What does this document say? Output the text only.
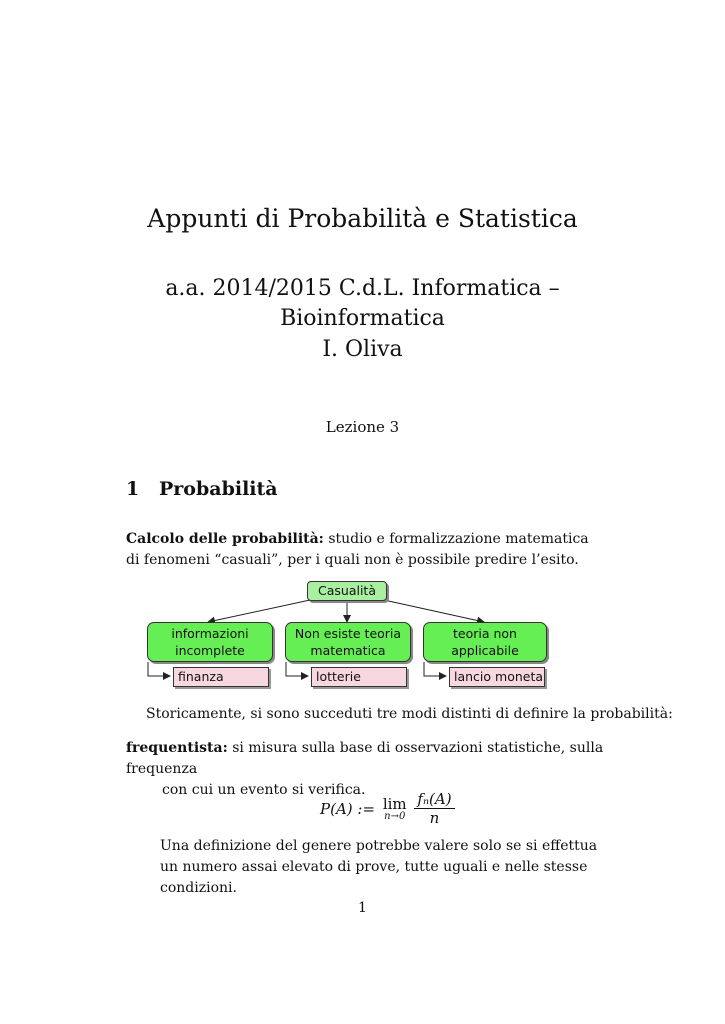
Appunti di Probabilità e Statistica
a.a. 2014/2015 C.d.L. Informatica –
Bioinformatica
I. Oliva
Lezione 3
1 Probabilità
Calcolo delle probabilità: studio e formalizzazione matematica di fenomeni “casuali”, per i quali non è possibile predire l’esito.
Casualità
informazioni
incomplete
Non esiste teoria
matematica
teoria non
applicabile
finanza	lotterie	lancio moneta
Storicamente, si sono succeduti tre modi distinti di definire la probabilità:
frequentista: si misura sulla base di osservazioni statistiche, sulla frequenza
con cui un evento si verifica.
P(A) := lim
n→0
$\frac{\text{fₙ(A)}}{n}$
Una definizione del genere potrebbe valere solo se si effettua un numero assai elevato di prove, tutte uguali e nelle stesse condizioni.
1
